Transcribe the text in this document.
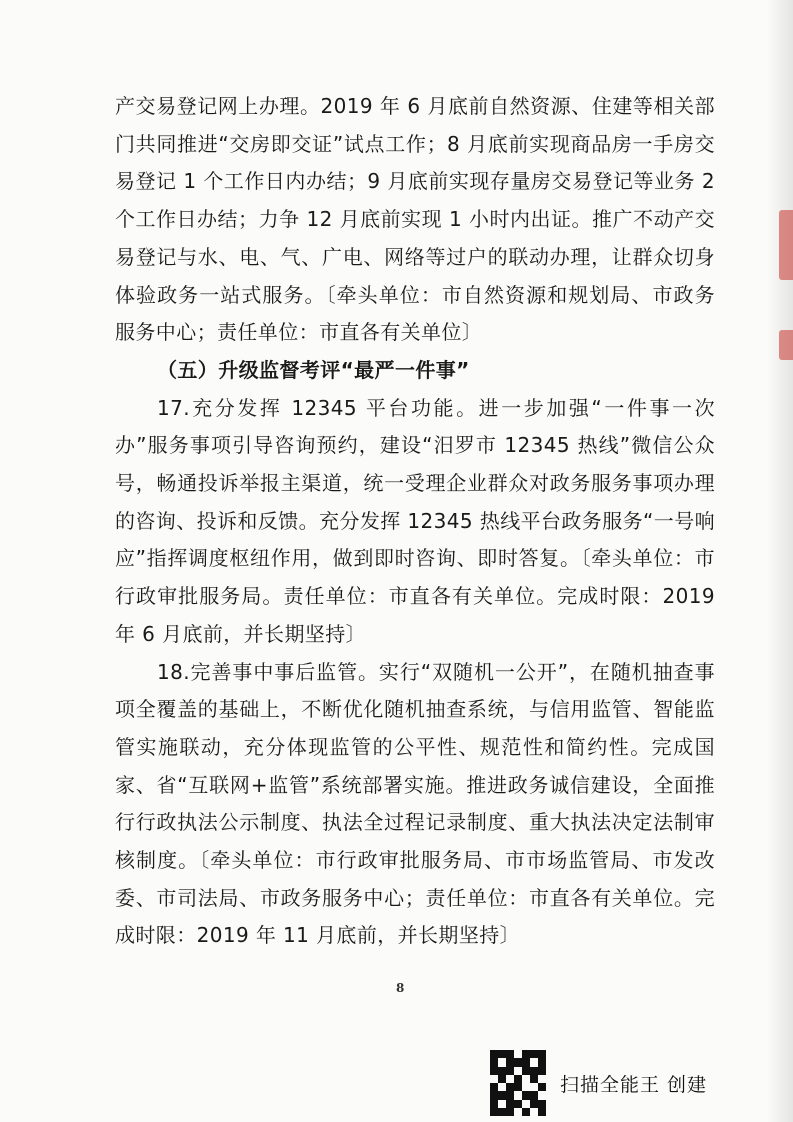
产交易登记网上办理。2019 年 6 月底前自然资源、住建等相关部门共同推进“交房即交证”试点工作；8 月底前实现商品房一手房交易登记 1 个工作日内办结；9 月底前实现存量房交易登记等业务 2 个工作日办结；力争 12 月底前实现 1 小时内出证。推广不动产交易登记与水、电、气、广电、网络等过户的联动办理，让群众切身体验政务一站式服务。〔牵头单位：市自然资源和规划局、市政务服务中心；责任单位：市直各有关单位〕

（五）升级监督考评“最严一件事”

17.充分发挥 12345 平台功能。进一步加强“一件事一次办”服务事项引导咨询预约，建设“汨罗市 12345 热线”微信公众号，畅通投诉举报主渠道，统一受理企业群众对政务服务事项办理的咨询、投诉和反馈。充分发挥 12345 热线平台政务服务“一号响应”指挥调度枢纽作用，做到即时咨询、即时答复。〔牵头单位：市行政审批服务局。责任单位：市直各有关单位。完成时限：2019 年 6 月底前，并长期坚持〕

18.完善事中事后监管。实行“双随机一公开”，在随机抽查事项全覆盖的基础上，不断优化随机抽查系统，与信用监管、智能监管实施联动，充分体现监管的公平性、规范性和简约性。完成国家、省“互联网+监管”系统部署实施。推进政务诚信建设，全面推行行政执法公示制度、执法全过程记录制度、重大执法决定法制审核制度。〔牵头单位：市行政审批服务局、市市场监管局、市发改委、市司法局、市政务服务中心；责任单位：市直各有关单位。完成时限：2019 年 11 月底前，并长期坚持〕

8
扫描全能王 创建
